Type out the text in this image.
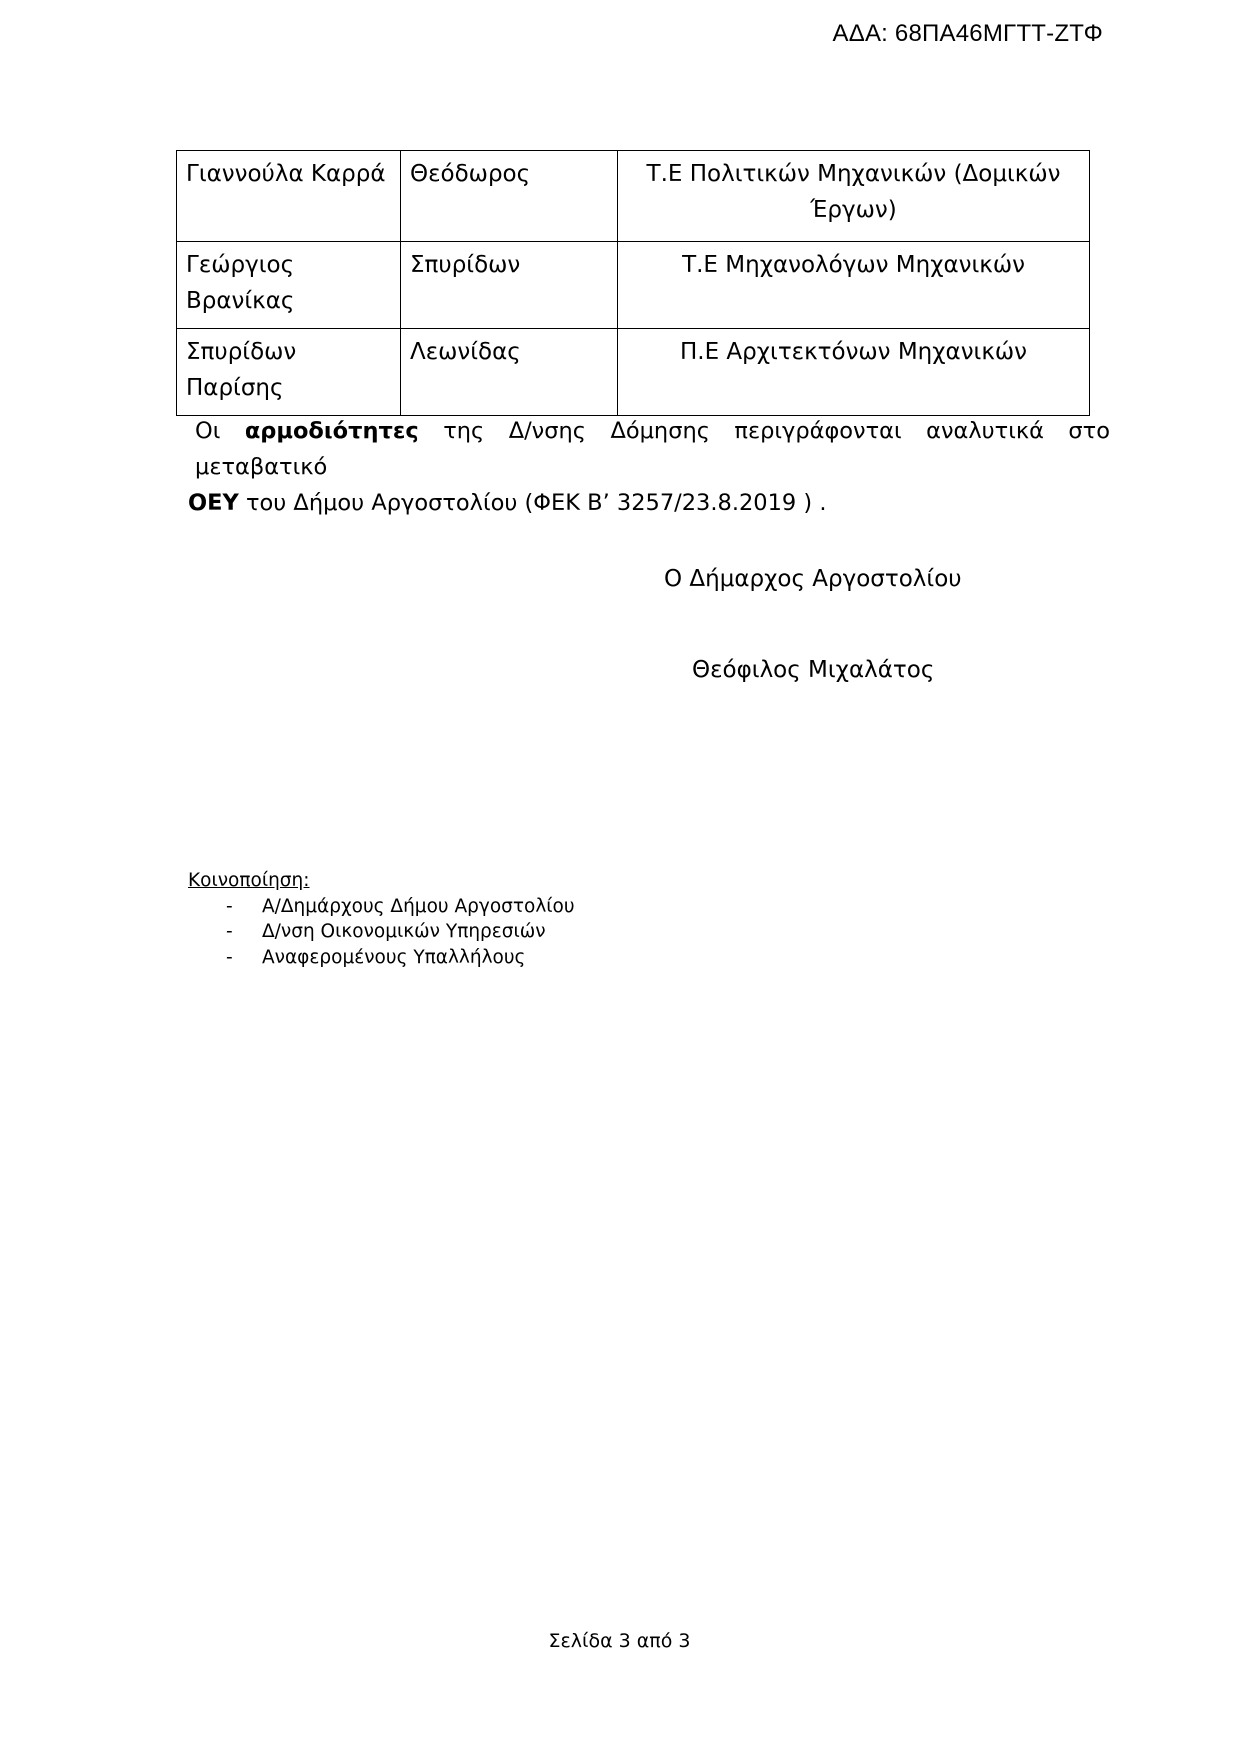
ΑΔΑ: 68ΠΑ46ΜΓΤΤ-ΖΤΦ
Γιαννούλα Καρρά	Θεόδωρος	Τ.Ε Πολιτικών Μηχανικών (Δομικών
Έργων)
Γεώργιος Βρανίκας	Σπυρίδων	Τ.Ε Μηχανολόγων Μηχανικών
Σπυρίδων Παρίσης	Λεωνίδας	Π.Ε Αρχιτεκτόνων Μηχανικών
Οι αρμοδιότητες της Δ/νσης Δόμησης περιγράφονται αναλυτικά στο μεταβατικό
ΟΕΥ του Δήμου Αργοστολίου (ΦΕΚ Β’ 3257/23.8.2019 ) .
Ο Δήμαρχος Αργοστολίου
Θεόφιλος Μιχαλάτος
Κοινοποίηση:
-	Α/Δημάρχους Δήμου Αργοστολίου
-	Δ/νση Οικονομικών Υπηρεσιών
-	Αναφερομένους Υπαλλήλους
Σελίδα 3 από 3
